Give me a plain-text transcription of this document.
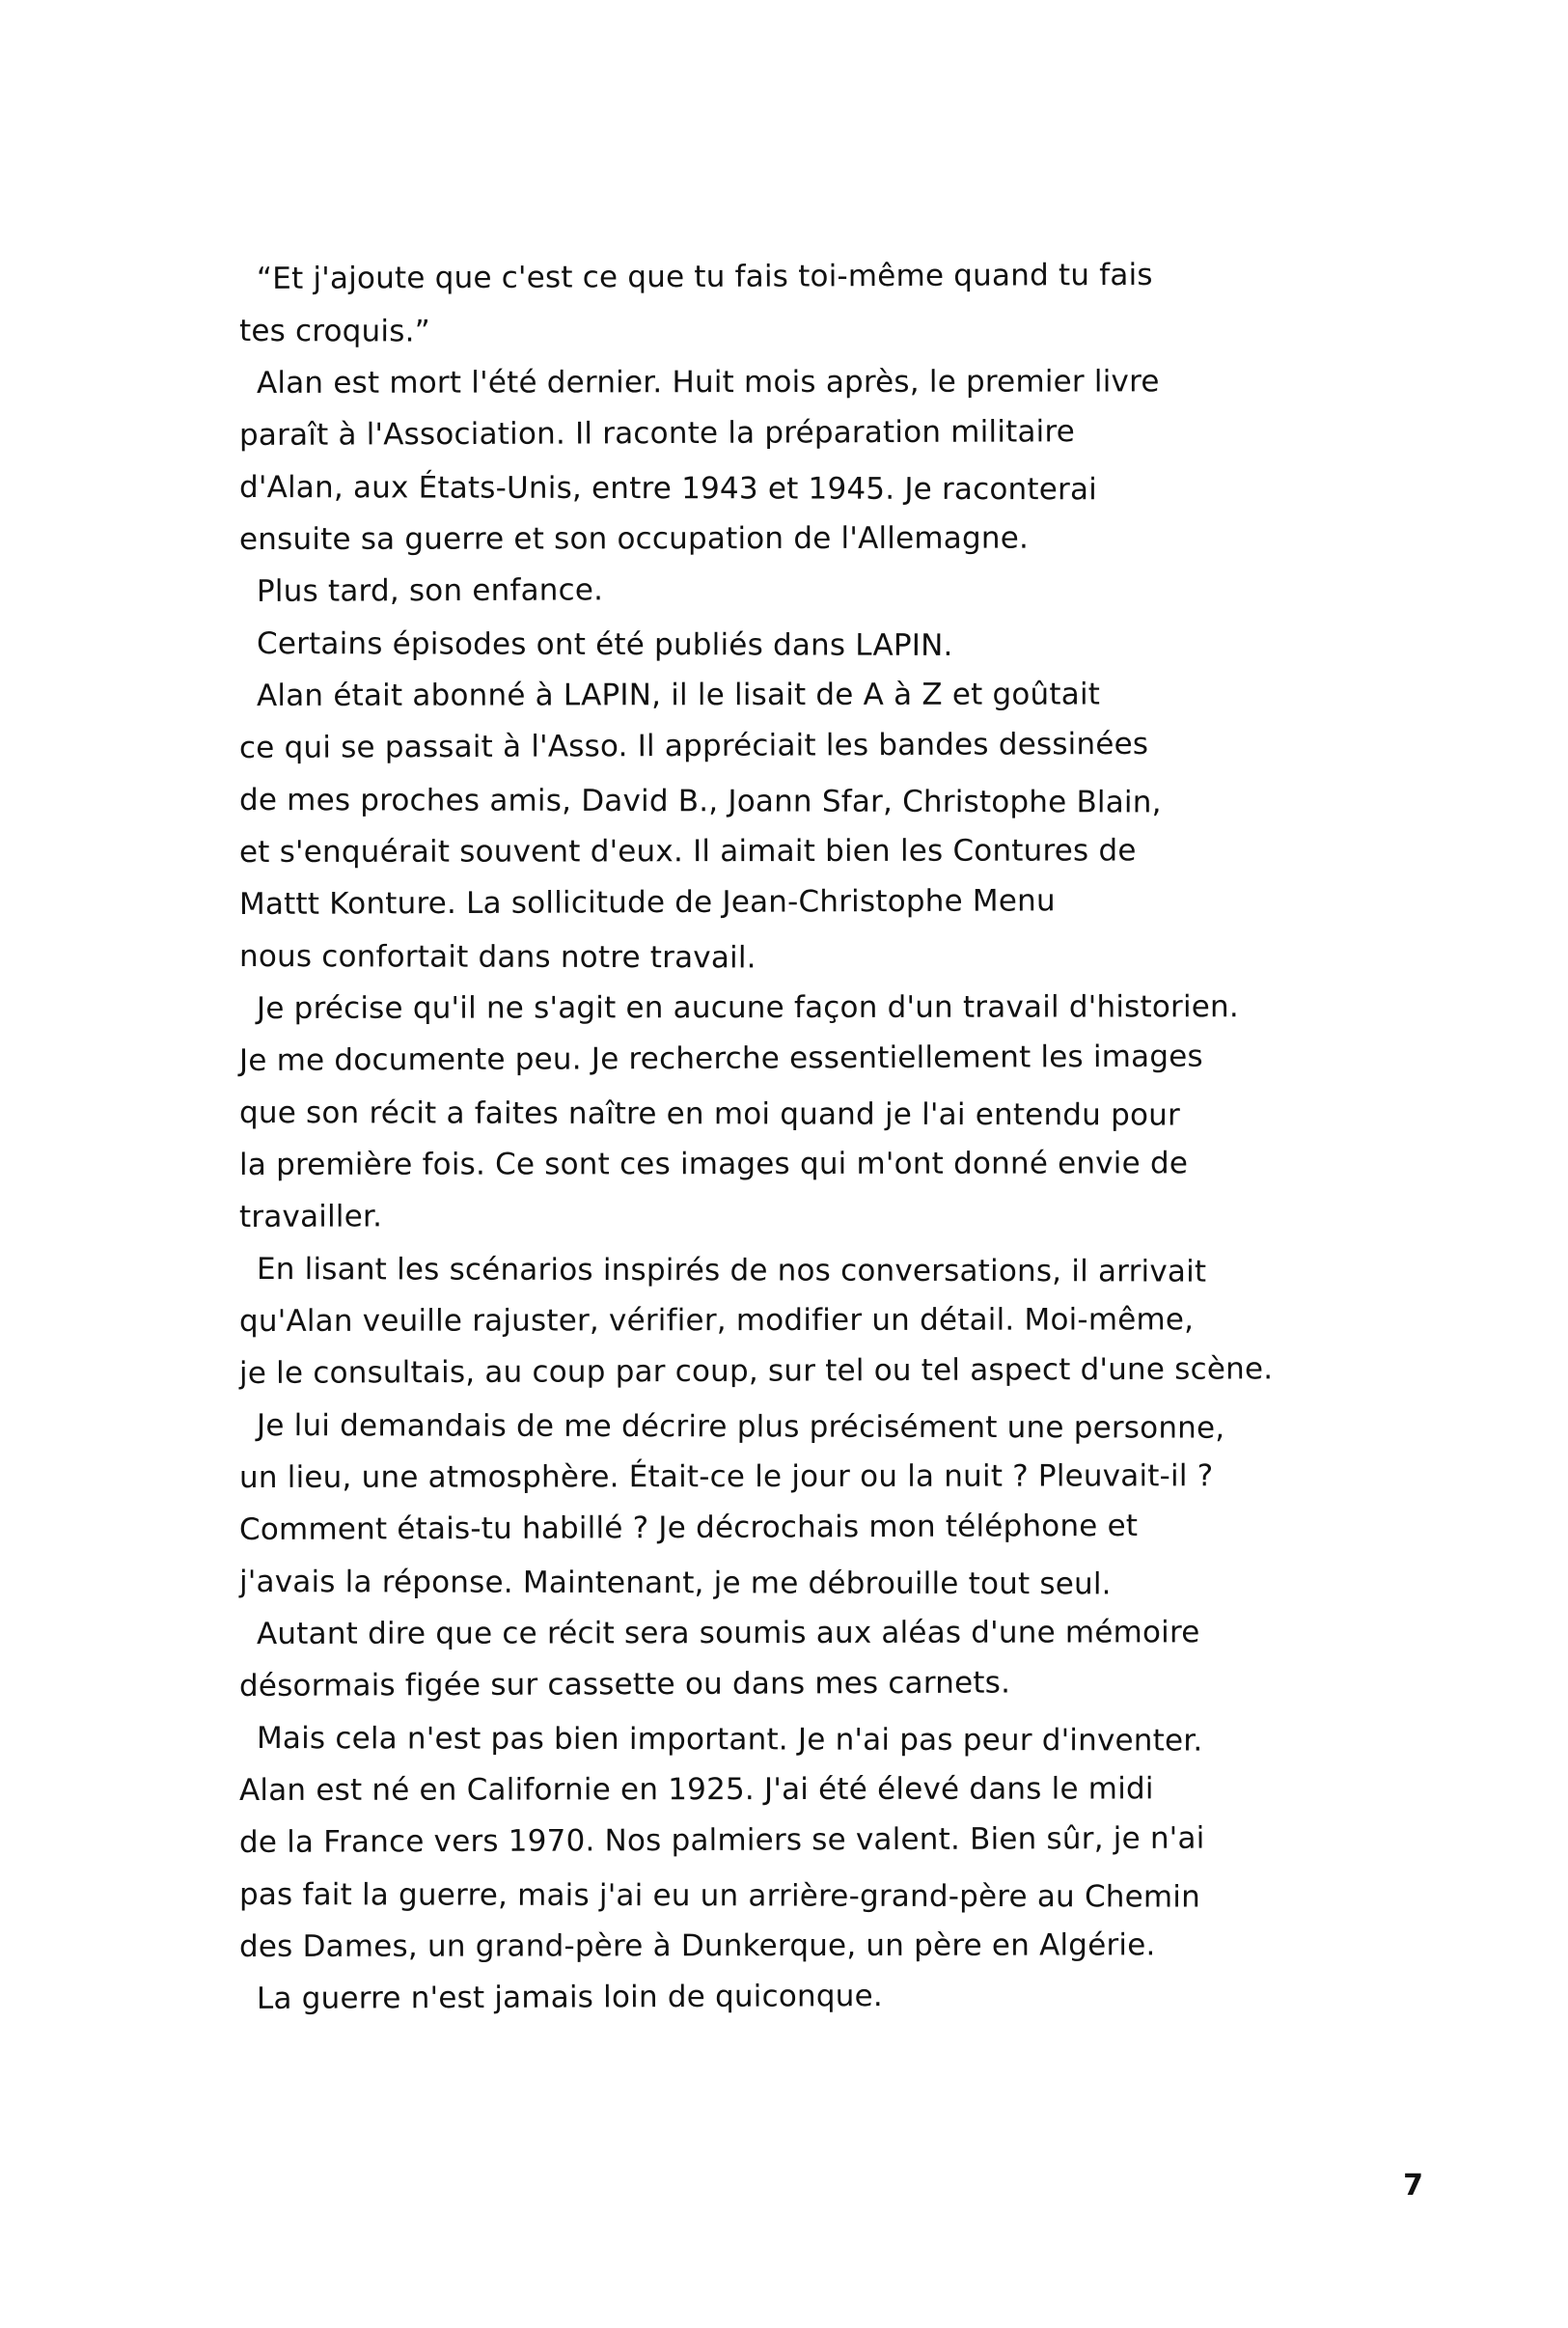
“Et j'ajoute que c'est ce que tu fais toi-même quand tu fais
tes croquis.”
Alan est mort l'été dernier. Huit mois après, le premier livre
paraît à l'Association. Il raconte la préparation militaire
d'Alan, aux États-Unis, entre 1943 et 1945. Je raconterai
ensuite sa guerre et son occupation de l'Allemagne.
Plus tard, son enfance.
Certains épisodes ont été publiés dans LAPIN.
Alan était abonné à LAPIN, il le lisait de A à Z et goûtait
ce qui se passait à l'Asso. Il appréciait les bandes dessinées
de mes proches amis, David B., Joann Sfar, Christophe Blain,
et s'enquérait souvent d'eux. Il aimait bien les Contures de
Mattt Konture. La sollicitude de Jean-Christophe Menu
nous confortait dans notre travail.
Je précise qu'il ne s'agit en aucune façon d'un travail d'historien.
Je me documente peu. Je recherche essentiellement les images
que son récit a faites naître en moi quand je l'ai entendu pour
la première fois. Ce sont ces images qui m'ont donné envie de
travailler.
En lisant les scénarios inspirés de nos conversations, il arrivait
qu'Alan veuille rajuster, vérifier, modifier un détail. Moi-même,
je le consultais, au coup par coup, sur tel ou tel aspect d'une scène.
Je lui demandais de me décrire plus précisément une personne,
un lieu, une atmosphère. Était-ce le jour ou la nuit ? Pleuvait-il ?
Comment étais-tu habillé ? Je décrochais mon téléphone et
j'avais la réponse. Maintenant, je me débrouille tout seul.
Autant dire que ce récit sera soumis aux aléas d'une mémoire
désormais figée sur cassette ou dans mes carnets.
Mais cela n'est pas bien important. Je n'ai pas peur d'inventer.
Alan est né en Californie en 1925. J'ai été élevé dans le midi
de la France vers 1970. Nos palmiers se valent. Bien sûr, je n'ai
pas fait la guerre, mais j'ai eu un arrière-grand-père au Chemin
des Dames, un grand-père à Dunkerque, un père en Algérie.
La guerre n'est jamais loin de quiconque.
7
